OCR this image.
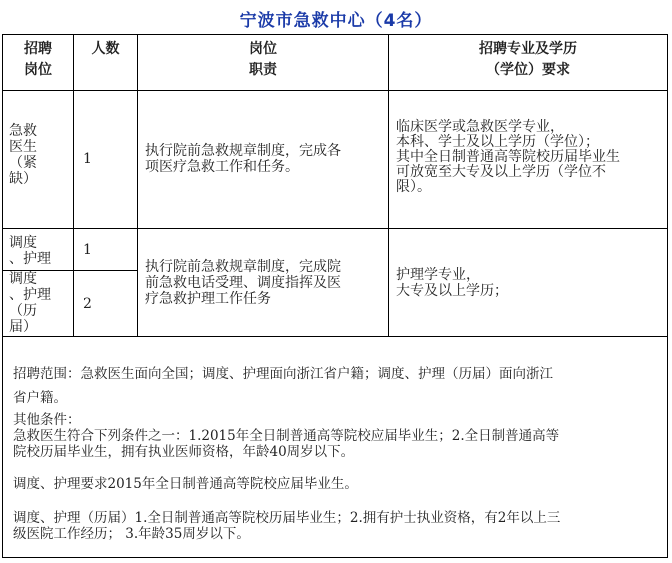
宁波市急救中心（4名）
招聘
岗位
人数	岗位
职责
招聘专业及学历
（学位）要求
急救
医生
（紧
缺）
1	执行院前急救规章制度，完成各
项医疗急救工作和任务。
临床医学或急救医学专业，
本科、学士及以上学历（学位）；
其中全日制普通高等院校历届毕业生
可放宽至大专及以上学历（学位不
限）。
调度
、护理
1
调度
、护理
（历
届）
2
执行院前急救规章制度，完成院
前急救电话受理、调度指挥及医
疗急救护理工作任务
护理学专业，
大专及以上学历；
招聘范围：急救医生面向全国；调度、护理面向浙江省户籍；调度、护理（历届）面向浙江
省户籍。
其他条件：
急救医生符合下列条件之一：1.2015年全日制普通高等院校应届毕业生；2.全日制普通高等
院校历届毕业生，拥有执业医师资格，年龄40周岁以下。
调度、护理要求2015年全日制普通高等院校应届毕业生。
调度、护理（历届）1.全日制普通高等院校历届毕业生；2.拥有护士执业资格，有2年以上三
级医院工作经历； 3.年龄35周岁以下。
